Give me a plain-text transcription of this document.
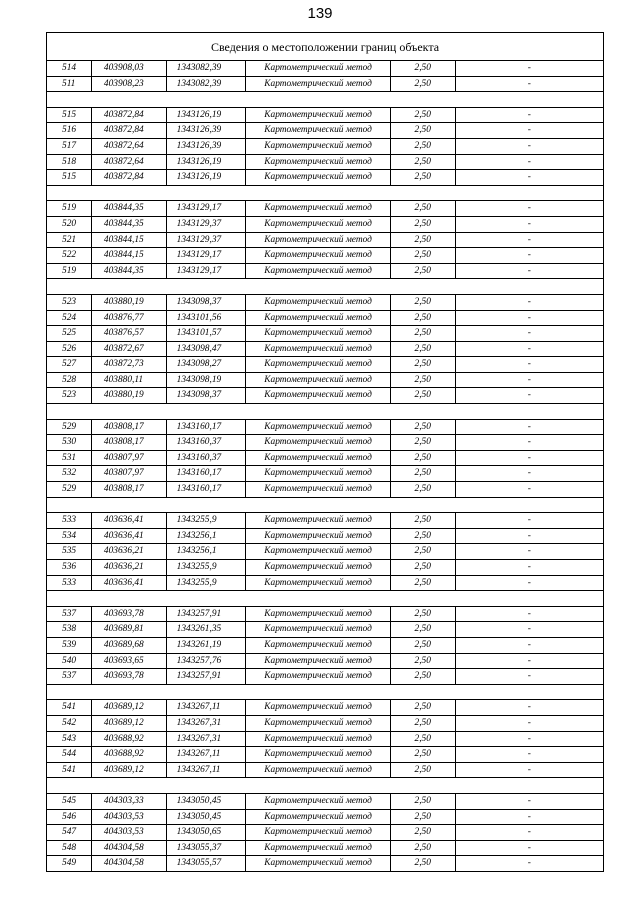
139
Сведения о местоположении границ объекта
514	403908,03	1343082,39	Картометрический метод	2,50	-
511	403908,23	1343082,39	Картометрический метод	2,50	-
515	403872,84	1343126,19	Картометрический метод	2,50	-
516	403872,84	1343126,39	Картометрический метод	2,50	-
517	403872,64	1343126,39	Картометрический метод	2,50	-
518	403872,64	1343126,19	Картометрический метод	2,50	-
515	403872,84	1343126,19	Картометрический метод	2,50	-
519	403844,35	1343129,17	Картометрический метод	2,50	-
520	403844,35	1343129,37	Картометрический метод	2,50	-
521	403844,15	1343129,37	Картометрический метод	2,50	-
522	403844,15	1343129,17	Картометрический метод	2,50	-
519	403844,35	1343129,17	Картометрический метод	2,50	-
523	403880,19	1343098,37	Картометрический метод	2,50	-
524	403876,77	1343101,56	Картометрический метод	2,50	-
525	403876,57	1343101,57	Картометрический метод	2,50	-
526	403872,67	1343098,47	Картометрический метод	2,50	-
527	403872,73	1343098,27	Картометрический метод	2,50	-
528	403880,11	1343098,19	Картометрический метод	2,50	-
523	403880,19	1343098,37	Картометрический метод	2,50	-
529	403808,17	1343160,17	Картометрический метод	2,50	-
530	403808,17	1343160,37	Картометрический метод	2,50	-
531	403807,97	1343160,37	Картометрический метод	2,50	-
532	403807,97	1343160,17	Картометрический метод	2,50	-
529	403808,17	1343160,17	Картометрический метод	2,50	-
533	403636,41	1343255,9	Картометрический метод	2,50	-
534	403636,41	1343256,1	Картометрический метод	2,50	-
535	403636,21	1343256,1	Картометрический метод	2,50	-
536	403636,21	1343255,9	Картометрический метод	2,50	-
533	403636,41	1343255,9	Картометрический метод	2,50	-
537	403693,78	1343257,91	Картометрический метод	2,50	-
538	403689,81	1343261,35	Картометрический метод	2,50	-
539	403689,68	1343261,19	Картометрический метод	2,50	-
540	403693,65	1343257,76	Картометрический метод	2,50	-
537	403693,78	1343257,91	Картометрический метод	2,50	-
541	403689,12	1343267,11	Картометрический метод	2,50	-
542	403689,12	1343267,31	Картометрический метод	2,50	-
543	403688,92	1343267,31	Картометрический метод	2,50	-
544	403688,92	1343267,11	Картометрический метод	2,50	-
541	403689,12	1343267,11	Картометрический метод	2,50	-
545	404303,33	1343050,45	Картометрический метод	2,50	-
546	404303,53	1343050,45	Картометрический метод	2,50	-
547	404303,53	1343050,65	Картометрический метод	2,50	-
548	404304,58	1343055,37	Картометрический метод	2,50	-
549	404304,58	1343055,57	Картометрический метод	2,50	-
